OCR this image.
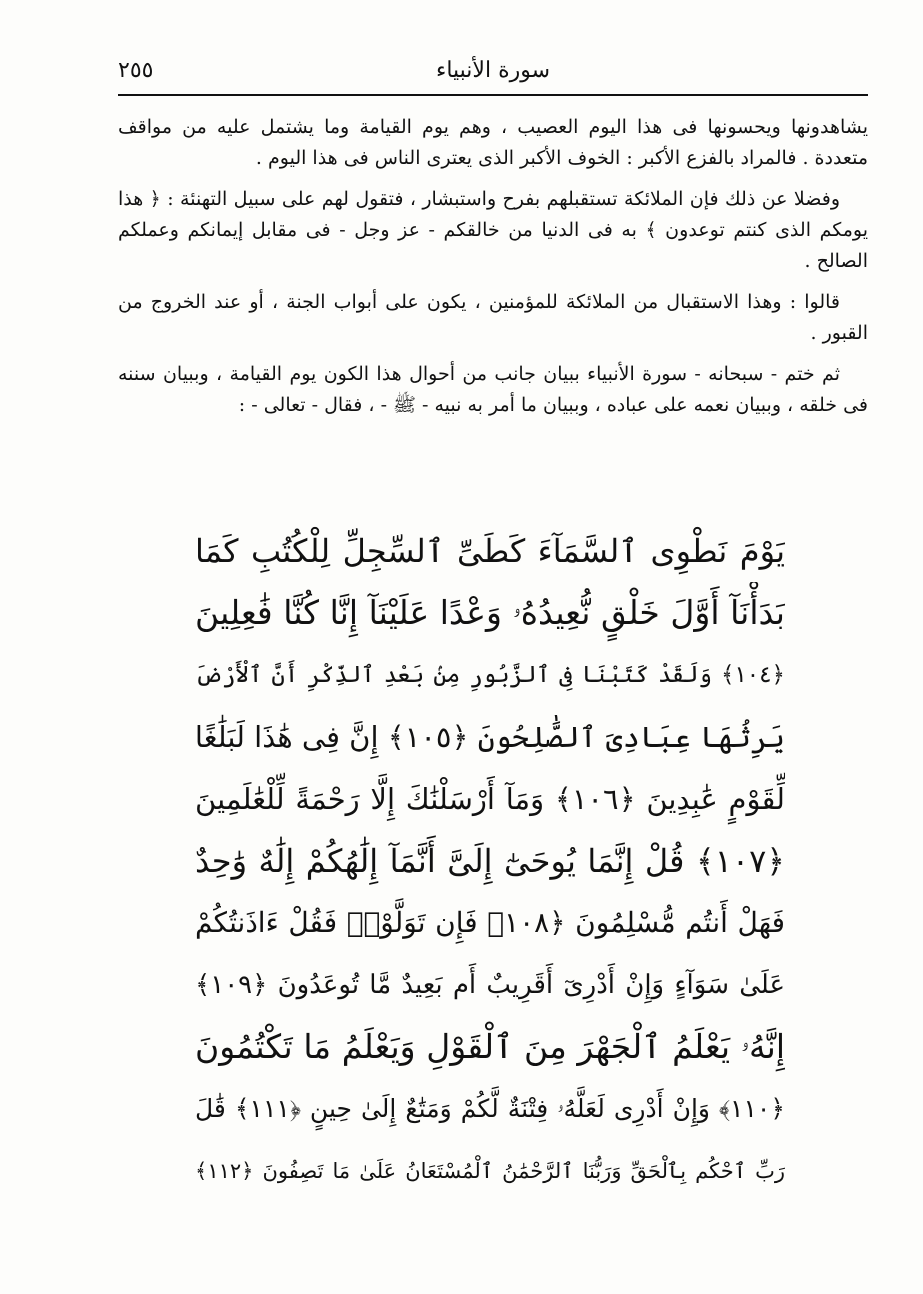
سورة الأنبياء
٢٥٥

يشاهدونها ويحسونها فى هذا اليوم العصيب ، وهم يوم القيامة وما يشتمل عليه من مواقف متعددة . فالمراد بالفزع الأكبر : الخوف الأكبر الذى يعترى الناس فى هذا اليوم .

وفضلا عن ذلك فإن الملائكة تستقبلهم بفرح واستبشار ، فتقول لهم على سبيل التهنئة : ﴿ هذا يومكم الذى كنتم توعدون ﴾ به فى الدنيا من خالقكم - عز وجل - فى مقابل إيمانكم وعملكم الصالح .

قالوا : وهذا الاستقبال من الملائكة للمؤمنين ، يكون على أبواب الجنة ، أو عند الخروج من القبور .

ثم ختم - سبحانه - سورة الأنبياء ببيان جانب من أحوال هذا الكون يوم القيامة ، وببيان سننه فى خلقه ، وببيان نعمه على عباده ، وببيان ما أمر به نبيه - ﷺ - ، فقال - تعالى - :

يَوْمَ نَطْوِى ٱلسَّمَآءَ كَطَىِّ ٱلسِّجِلِّ لِلْكُتُبِ كَمَا
بَدَأْنَآ أَوَّلَ خَلْقٍ نُّعِيدُهُۥ وَعْدًا عَلَيْنَآ إِنَّا كُنَّا فَٰعِلِينَ
﴿١٠٤﴾ وَلَقَدْ كَتَبْنَا فِى ٱلزَّبُورِ مِنۢ بَعْدِ ٱلذِّكْرِ أَنَّ ٱلْأَرْضَ
يَرِثُهَا عِبَادِىَ ٱلصَّٰلِحُونَ ﴿١٠٥﴾ إِنَّ فِى هَٰذَا لَبَلَٰغًا
لِّقَوْمٍ عَٰبِدِينَ ﴿١٠٦﴾ وَمَآ أَرْسَلْنَٰكَ إِلَّا رَحْمَةً لِّلْعَٰلَمِينَ
﴿١٠٧﴾ قُلْ إِنَّمَا يُوحَىٰٓ إِلَىَّ أَنَّمَآ إِلَٰهُكُمْ إِلَٰهٌ وَٰحِدٌ
فَهَلْ أَنتُم مُّسْلِمُونَ ﴿١٠٨﴾ فَإِن تَوَلَّوْا۟ فَقُلْ ءَاذَنتُكُمْ
عَلَىٰ سَوَآءٍ وَإِنْ أَدْرِىٓ أَقَرِيبٌ أَم بَعِيدٌ مَّا تُوعَدُونَ ﴿١٠٩﴾
إِنَّهُۥ يَعْلَمُ ٱلْجَهْرَ مِنَ ٱلْقَوْلِ وَيَعْلَمُ مَا تَكْتُمُونَ
﴿١١٠﴾ وَإِنْ أَدْرِى لَعَلَّهُۥ فِتْنَةٌ لَّكُمْ وَمَتَٰعٌ إِلَىٰ حِينٍ ﴿١١١﴾ قَٰلَ
رَبِّ ٱحْكُم بِٱلْحَقِّ وَرَبُّنَا ٱلرَّحْمَٰنُ ٱلْمُسْتَعَانُ عَلَىٰ مَا تَصِفُونَ ﴿١١٢﴾
